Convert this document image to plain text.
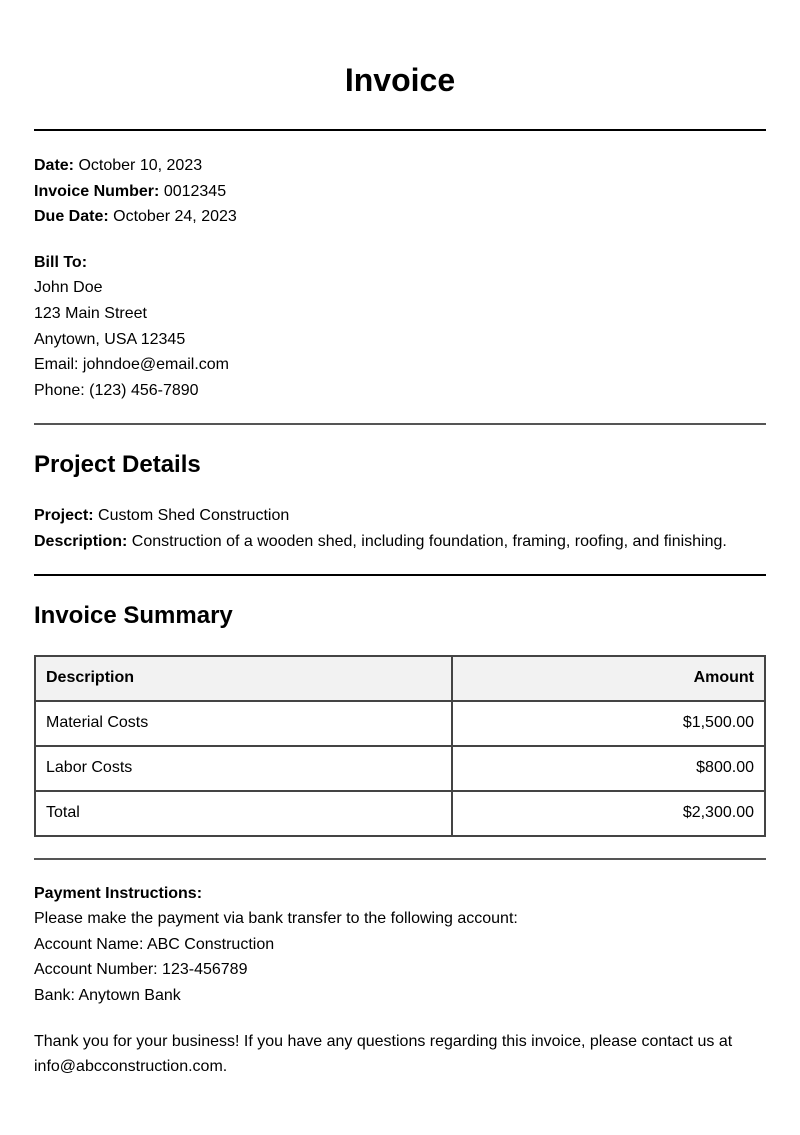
Invoice

Date: October 10, 2023

Invoice Number: 0012345

Due Date: October 24, 2023

Bill To:

John Doe

123 Main Street

Anytown, USA 12345

Email: johndoe@email.com

Phone: (123) 456-7890

Project Details

Project: Custom Shed Construction

Description: Construction of a wooden shed, including foundation, framing, roofing, and finishing.

Invoice Summary
Description	Amount
Material Costs	$1,500.00
Labor Costs	$800.00
Total	$2,300.00

Payment Instructions:

Please make the payment via bank transfer to the following account:

Account Name: ABC Construction

Account Number: 123-456789

Bank: Anytown Bank

Thank you for your business! If you have any questions regarding this invoice, please contact us at info@abcconstruction.com.
